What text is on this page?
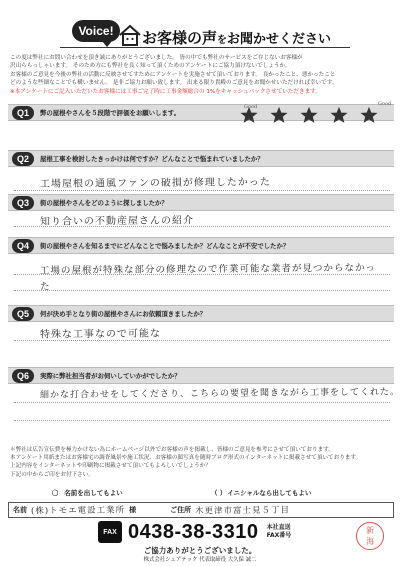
Voice!	お客様の声をお聞かせください
この度は弊社にお問い合わせを頂き誠にありがとうございました。 皆の中でも弊社のサービスをご存じないお客様が
沢山ららっしゃいます。 そのため方にも弊社を良く知って頂くためのアンケートにご協力頂けないでしょうか。
お客様のご意見を今後の弊社の活動に反映させてすためにアンケートを実施させて頂いております。 良かったこと、悪かったこと
どのような些細なことでも構いません。 是非ご協力お願い致します。 出来る限り貴殿のご意見をお聞かせいただければ幸いです。
※本アンケートにご記入いただいたお客様には工事ご完了時に工事金額総合の 1%をキャッシュバックさせていただきます。
Q1	弊の屋根やさんを５段階で評価をお願いします。
Good	Good
Q2	屋根工事を検討したきっかけは何ですか？どんなことで悩まれていましたか？
工場屋根の通風ファンの破損が修理したかった
Q3	街の屋根やさんをどのように探しましたか？
知り合いの不動産屋さんの紹介
Q4	街の屋根やさんを知るまでにどんなことで悩みましたか？どんなことが不安でしたか？
工場の屋根が特殊な部分の修理なので作業可能な業者が見つからなかった
Q5	何が決め手となり街の屋根やさんにお依頼頂きましたか？
特殊な工事なので可能な
Q6	実際に弊社担当者がお伺いしていかがでしたか？
細かな打合わせをしてくださり、こちらの要望を聞きながら工事をしてくれた。
＊弊社は広告宣伝費を極力かけない為にホームページ以外でお客様の声を掲載し、皆様のご意見を参考にさせて頂いております。
本アンケート用紙またはお客様宅の調査風景や施工状況、お客様の顔写真を随時ブログ形式のインターネットに掲載させて頂いております。
上記内容をインターネットや印刷物に掲載させて頂いてもよろしいでしょうか？
下記の中からご印をお付下さい。
〇 名前を出してもよい	（ ） イニシャルなら出してもよい
名前 (株)トモエ電設工業所 様	ご住所 木更津市富士見５丁目
FAX 0438-38-3310 本社直送
FAX番号
新
海
ご協力ありがとうございました。
株式会社シェアテック 代表取締役 大久保 誠二
